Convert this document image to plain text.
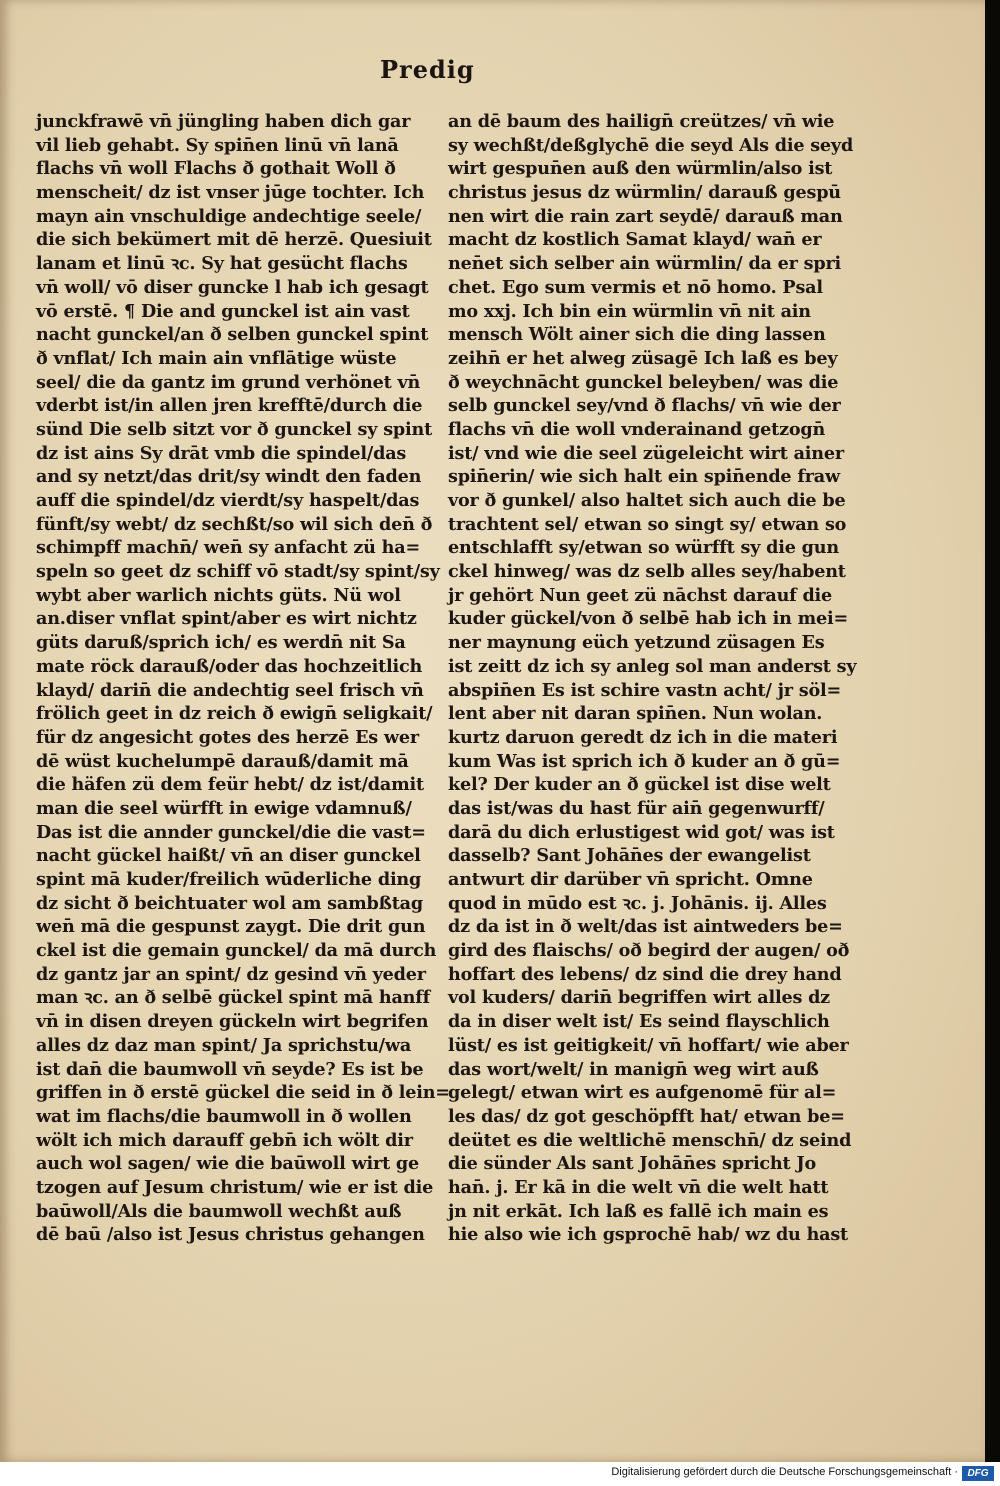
Predig
junckfrawē vn̄ jüngling haben dich gar
vil lieb gehabt. Sy spin̄en linū vn̄ lanā
flachs vn̄ woll Flachs ð gothait Woll ð
menscheit/ dz ist vnser jūge tochter. Ich
mayn ain vnschuldige andechtige seele/
die sich bekümert mit dē herzē. Quesiuit
lanam et linū ꝛc. Sy hat gesücht flachs
vn̄ woll/ vō diser guncke l hab ich gesagt
vō erstē. ¶ Die and gunckel ist ain vast
nacht gunckel/an ð selben gunckel spint
ð vnflat/ Ich main ain vnflātige wüste
seel/ die da gantz im grund verhönet vn̄
vderbt ist/in allen jren krefftē/durch die
sünd Die selb sitzt vor ð gunckel sy spint
dz ist ains Sy drāt vmb die spindel/das
and sy netzt/das drit/sy windt den faden
auff die spindel/dz vierdt/sy haspelt/das
fünft/sy webt/ dz sechßt/so wil sich den̄ ð
schimpff machn̄/ wen̄ sy anfacht zü ha=
speln so geet dz schiff vō stadt/sy spint/sy
wybt aber warlich nichts güts. Nü wol
an.diser vnflat spint/aber es wirt nichtz
güts daruß/sprich ich/ es werdn̄ nit Sa
mate röck darauß/oder das hochzeitlich
klayd/ darin̄ die andechtig seel frisch vn̄
frölich geet in dz reich ð ewign̄ seligkait/
für dz angesicht gotes des herzē Es wer
dē wüst kuchelumpē darauß/damit mā
die häfen zü dem feür hebt/ dz ist/damit
man die seel würfft in ewige vdamnuß/
Das ist die annder gunckel/die die vast=
nacht gückel haißt/ vn̄ an diser gunckel
spint mā kuder/freilich wūderliche ding
dz sicht ð beichtuater wol am sambßtag
wen̄ mā die gespunst zaygt. Die drit gun
ckel ist die gemain gunckel/ da mā durch
dz gantz jar an spint/ dz gesind vn̄ yeder
man ꝛc. an ð selbē gückel spint mā hanff
vn̄ in disen dreyen gückeln wirt begrifen
alles dz daz man spint/ Ja sprichstu/wa
ist dan̄ die baumwoll vn̄ seyde? Es ist be
griffen in ð erstē gückel die seid in ð lein=
wat im flachs/die baumwoll in ð wollen
wölt ich mich darauff gebn̄ ich wölt dir
auch wol sagen/ wie die baūwoll wirt ge
tzogen auf Jesum christum/ wie er ist die
baūwoll/Als die baumwoll wechßt auß
dē baū /also ist Jesus christus gehangen
an dē baum des hailign̄ creützes/ vn̄ wie
sy wechßt/deßglychē die seyd Als die seyd
wirt gespun̄en auß den würmlin/also ist
christus jesus dz würmlin/ darauß gespū
nen wirt die rain zart seydē/ darauß man
macht dz kostlich Samat klayd/ wan̄ er
nen̄et sich selber ain würmlin/ da er spri
chet. Ego sum vermis et nō homo. Psal
mo xxj. Ich bin ein würmlin vn̄ nit ain
mensch Wölt ainer sich die ding lassen
zeihn̄ er het alweg züsagē Ich laß es bey
ð weychnācht gunckel beleyben/ was die
selb gunckel sey/vnd ð flachs/ vn̄ wie der
flachs vn̄ die woll vnderainand getzogn̄
ist/ vnd wie die seel zügeleicht wirt ainer
spin̄erin/ wie sich halt ein spin̄ende fraw
vor ð gunkel/ also haltet sich auch die be
trachtent sel/ etwan so singt sy/ etwan so
entschlafft sy/etwan so würfft sy die gun
ckel hinweg/ was dz selb alles sey/habent
jr gehört Nun geet zü nāchst darauf die
kuder gückel/von ð selbē hab ich in mei=
ner maynung eüch yetzund züsagen Es
ist zeitt dz ich sy anleg sol man anderst sy
abspin̄en Es ist schire vastn acht/ jr söl=
lent aber nit daran spin̄en. Nun wolan.
kurtz daruon geredt dz ich in die materi
kum Was ist sprich ich ð kuder an ð gū=
kel? Der kuder an ð gückel ist dise welt
das ist/was du hast für ain̄ gegenwurff/
darā du dich erlustigest wid got/ was ist
dasselb? Sant Johān̄es der ewangelist
antwurt dir darüber vn̄ spricht. Omne
quod in mūdo est ꝛc. j. Johānis. ij. Alles
dz da ist in ð welt/das ist aintweders be=
gird des flaischs/ oð begird der augen/ oð
hoffart des lebens/ dz sind die drey hand
vol kuders/ darin̄ begriffen wirt alles dz
da in diser welt ist/ Es seind flayschlich
lüst/ es ist geitigkeit/ vn̄ hoffart/ wie aber
das wort/welt/ in manign̄ weg wirt auß
gelegt/ etwan wirt es aufgenomē für al=
les das/ dz got geschöpfft hat/ etwan be=
deütet es die weltlichē menschn̄/ dz seind
die sünder Als sant Johān̄es spricht Jo
han̄. j. Er kā in die welt vn̄ die welt hatt
jn nit erkāt. Ich laß es fallē ich main es
hie also wie ich gsprochē hab/ wz du hast
Digitalisierung gefördert durch die Deutsche Forschungsgemeinschaft · DFG
